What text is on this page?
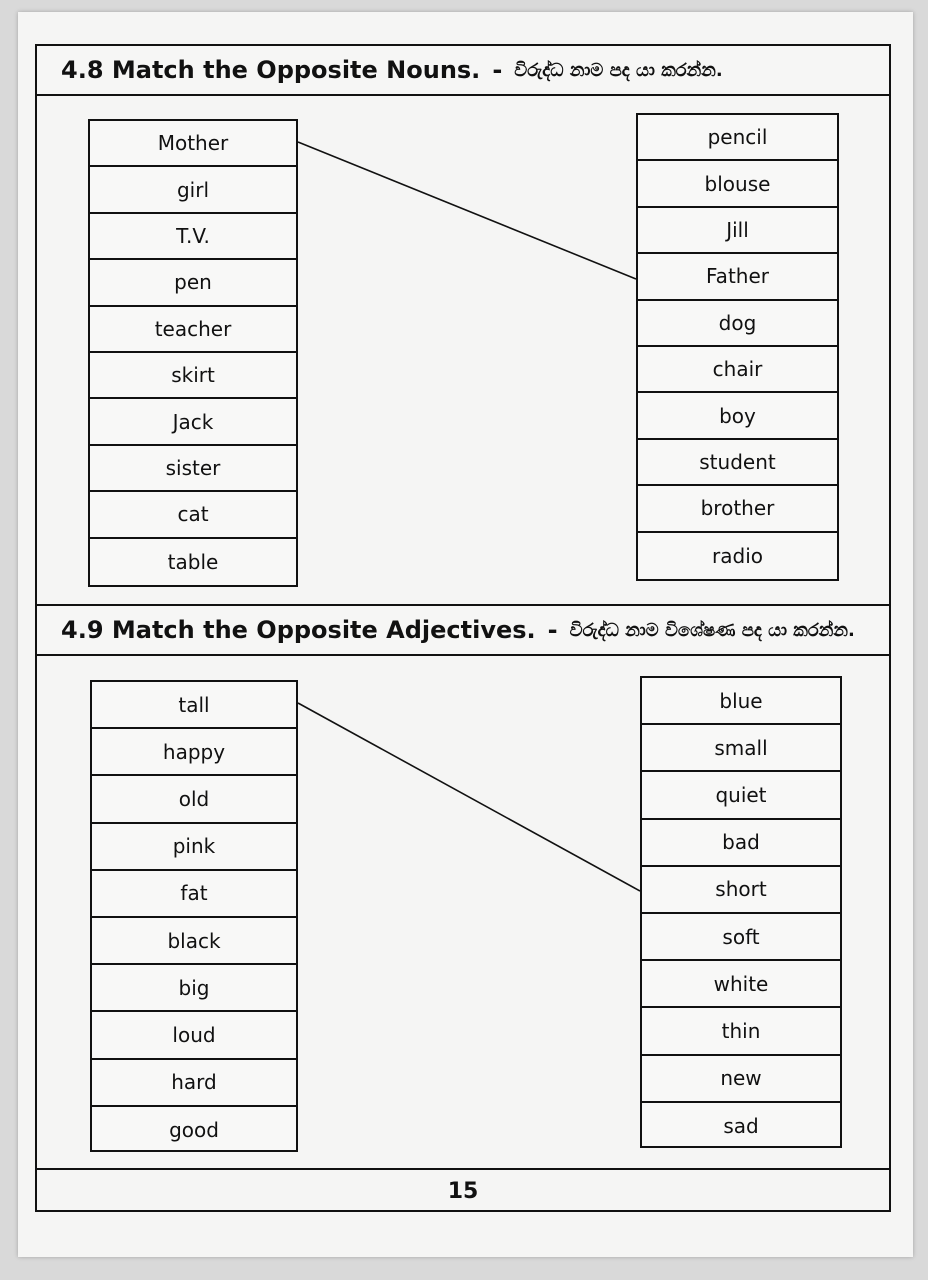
4.8
Match the Opposite Nouns. - විරුද්ධ නාම පද යා කරන්න.
Mother
girl
T.V.
pen
teacher
skirt
Jack
sister
cat
table
pencil
blouse
Jill
Father
dog
chair
boy
student
brother
radio
4.9
Match the Opposite Adjectives. - විරුද්ධ නාම විශේෂණ පද යා කරන්න.
tall
happy
old
pink
fat
black
big
loud
hard
good
blue
small
quiet
bad
short
soft
white
thin
new
sad
15
